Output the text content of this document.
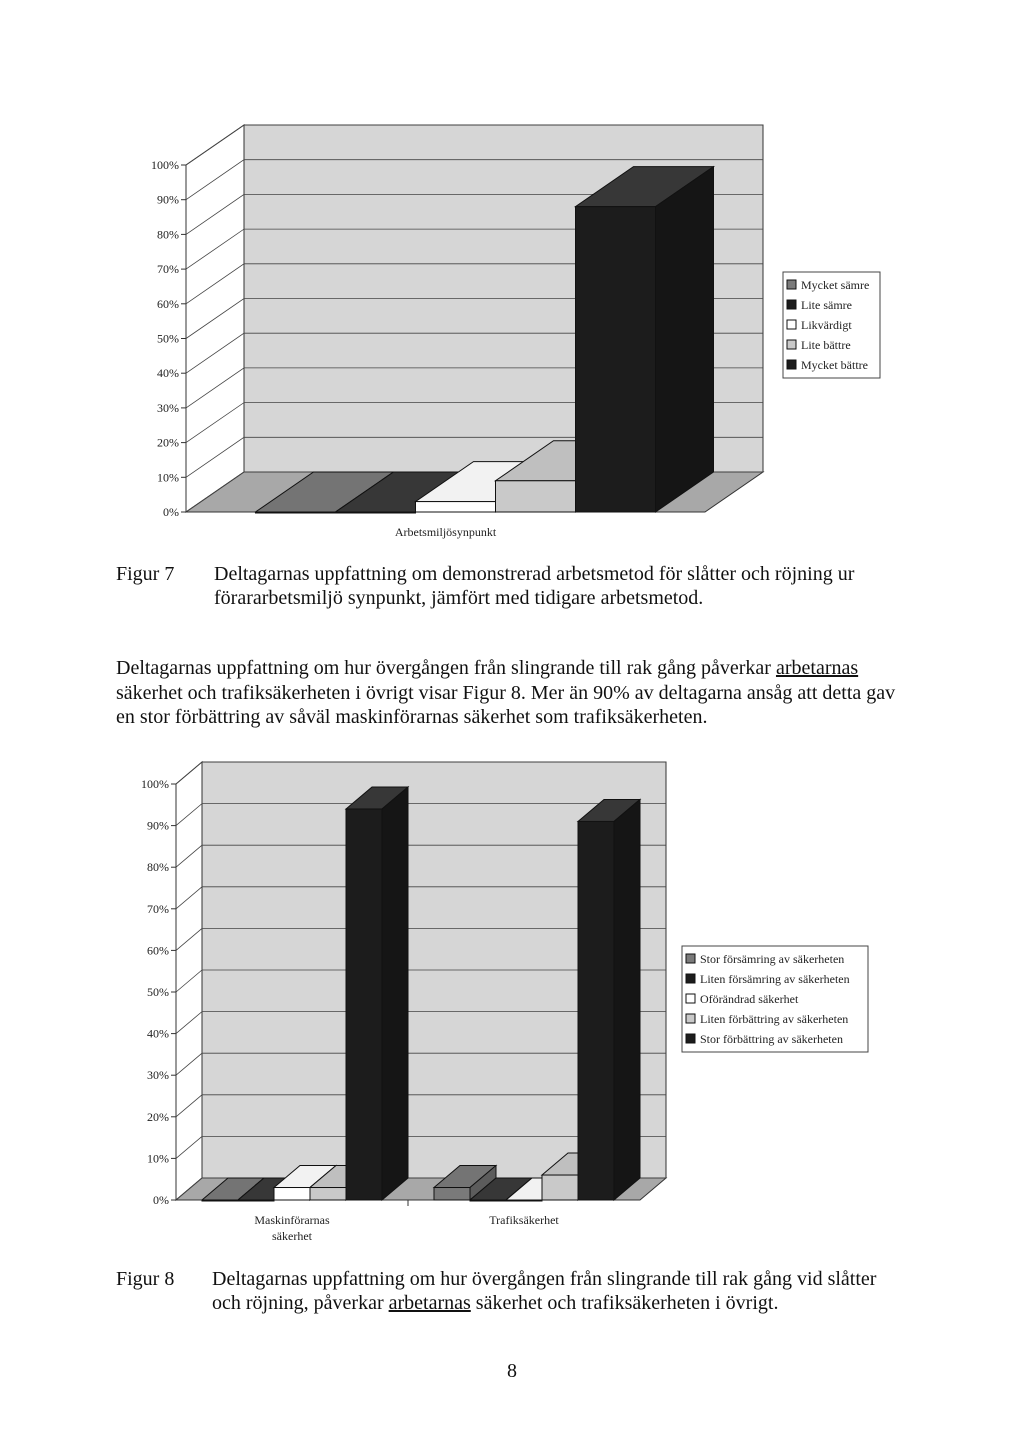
0%
10%
20%
30%
40%
50%
60%
70%
80%
90%
100%
Arbetsmiljösynpunkt
Mycket sämre
Lite sämre
Likvärdigt
Lite bättre
Mycket bättre
Figur 7 Deltagarnas uppfattning om demonstrerad arbetsmetod för slåtter och röjning ur förararbetsmiljö synpunkt, jämfört med tidigare arbetsmetod.
Deltagarnas uppfattning om hur övergången från slingrande till rak gång påverkar arbetarnas säkerhet och trafiksäkerheten i övrigt visar Figur 8. Mer än 90% av deltagarna ansåg att detta gav en stor förbättring av såväl maskinförarnas säkerhet som trafiksäkerheten.
0%
10%
20%
30%
40%
50%
60%
70%
80%
90%
100%
Maskinförarnas
säkerhet
Trafiksäkerhet
Stor försämring av säkerheten
Liten försämring av säkerheten
Oförändrad säkerhet
Liten förbättring av säkerheten
Stor förbättring av säkerheten
Figur 8 Deltagarnas uppfattning om hur övergången från slingrande till rak gång vid slåtter och röjning, påverkar arbetarnas säkerhet och trafiksäkerheten i övrigt.
8
